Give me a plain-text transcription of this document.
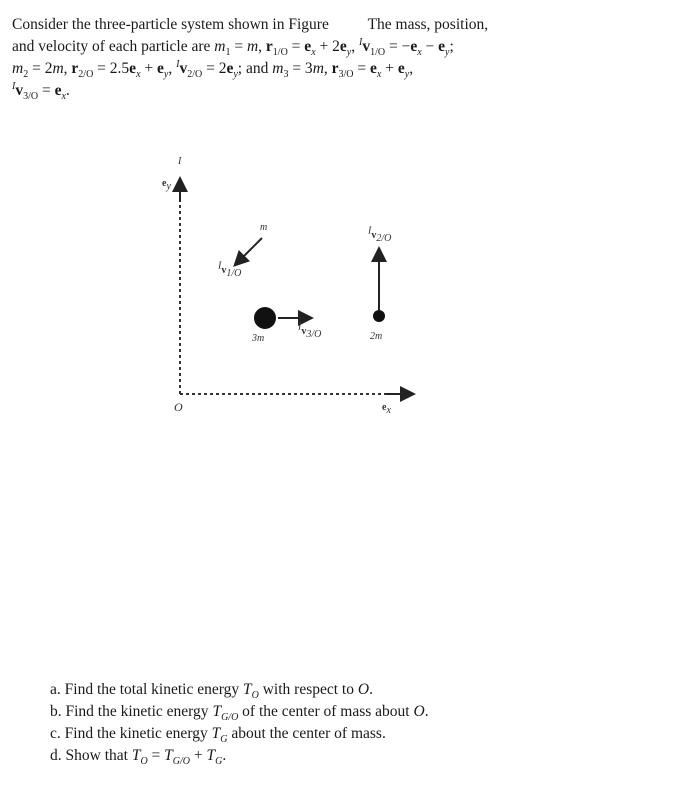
Consider the three-particle system shown in Figure	The mass, position,
and velocity of each particle are $m_1 = m$, $r_{1/O} = e_x + 2e_y$, $^Iv_{1/O} = -e_x - e_y$;
$m_2 = 2m$, $r_{2/O} = 2.5e_x + e_y$, $^Iv_{2/O} = 2e_y$; and $m_3 = 3m$, $r_{3/O} = e_x + e_y$,
$^Iv_{3/O} = e_x$.
I
$e_y$
$e_x$
O
m
3m	2m
$^Iv_{1/O}$
$^Iv_{2/O}$
$^Iv_{3/O}$
a. Find the total kinetic energy $T_O$ with respect to O.
b. Find the kinetic energy $T_{G/O}$ of the center of mass about O.
c. Find the kinetic energy $T_G$ about the center of mass.
d. Show that $T_O = T_{G/O} + T_G$.
